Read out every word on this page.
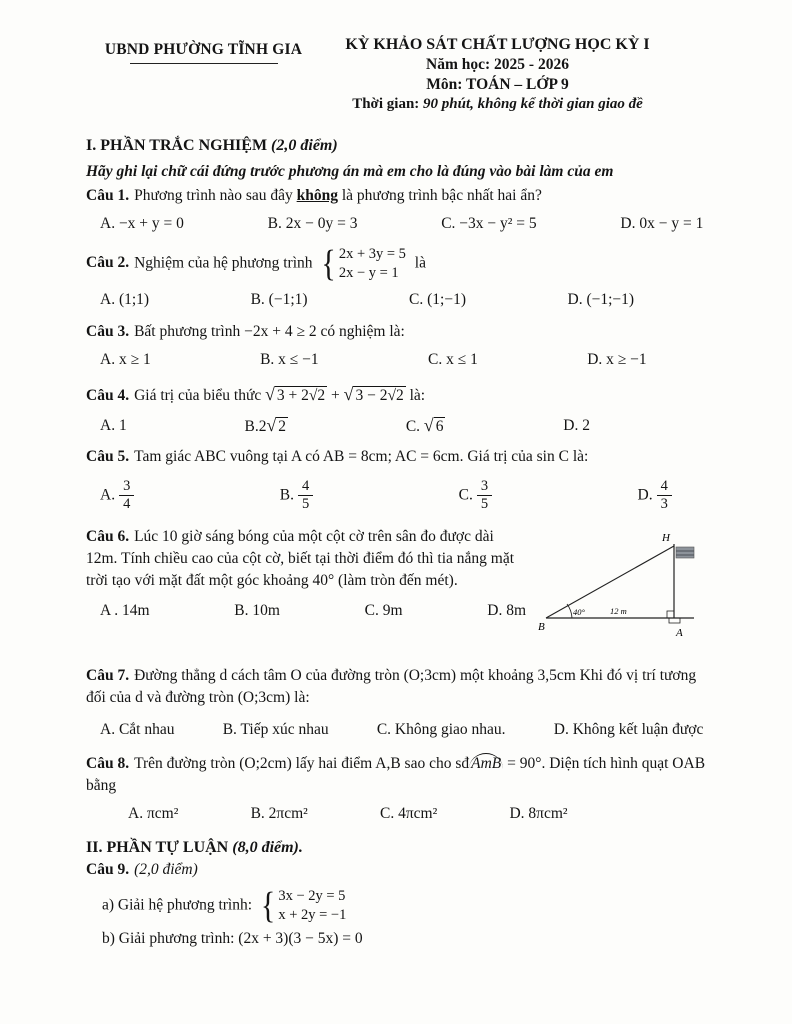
UBND PHƯỜNG TĨNH GIA	KỲ KHẢO SÁT CHẤT LƯỢNG HỌC KỲ I
Năm học: 2025 - 2026
Môn: TOÁN – LỚP 9
Thời gian: 90 phút, không kể thời gian giao đề
I. PHẦN TRẮC NGHIỆM (2,0 điểm)
Hãy ghi lại chữ cái đứng trước phương án mà em cho là đúng vào bài làm của em
Câu 1. Phương trình nào sau đây không là phương trình bậc nhất hai ẩn?
A. −x + y = 0	B. 2x − 0y = 3	C. −3x − y² = 5	D. 0x − y = 1
Câu 2. Nghiệm của hệ phương trình { 2x + 3y = 5
2x − y = 1
là
A. (1;1)	B. (−1;1)	C. (1;−1)	D. (−1;−1)
Câu 3. Bất phương trình −2x + 4 ≥ 2 có nghiệm là:
A. x ≥ 1	B. x ≤ −1	C. x ≤ 1	D. x ≥ −1
Câu 4. Giá trị của biểu thức √ 3 + 2√2 + √ 3 − 2√2 là:
A. 1	B.2√ 2	C. √ 6	D. 2
Câu 5. Tam giác ABC vuông tại A có AB = 8cm; AC = 6cm. Giá trị của sin C là:
A. $\frac{3}{4}$	B. $\frac{4}{5}$	C. $\frac{3}{5}$	D. $\frac{4}{3}$
Câu 6. Lúc 10 giờ sáng bóng của một cột cờ trên sân đo được dài 12m. Tính chiều cao của cột cờ, biết tại thời điểm đó thì tia nắng mặt trời tạo với mặt đất một góc khoảng 40° (làm tròn đến mét).
A . 14m	B. 10m	C. 9m	D. 8m
H
B	A
40°	12 m
Câu 7. Đường thẳng d cách tâm O của đường tròn (O;3cm) một khoảng 3,5cm Khi đó vị trí tương đối của d và đường tròn (O;3cm) là:
A. Cắt nhau	B. Tiếp xúc nhau	C. Không giao nhau.	D. Không kết luận được
Câu 8. Trên đường tròn (O;2cm) lấy hai điểm A,B sao cho sđ AmB = 90°. Diện tích hình quạt OAB bằng
A. πcm²	B. 2πcm²	C. 4πcm²	D. 8πcm²
II. PHẦN TỰ LUẬN (8,0 điểm).
Câu 9. (2,0 điểm)
a) Giải hệ phương trình: { 3x − 2y = 5
x + 2y = −1
b) Giải phương trình: (2x + 3)(3 − 5x) = 0
